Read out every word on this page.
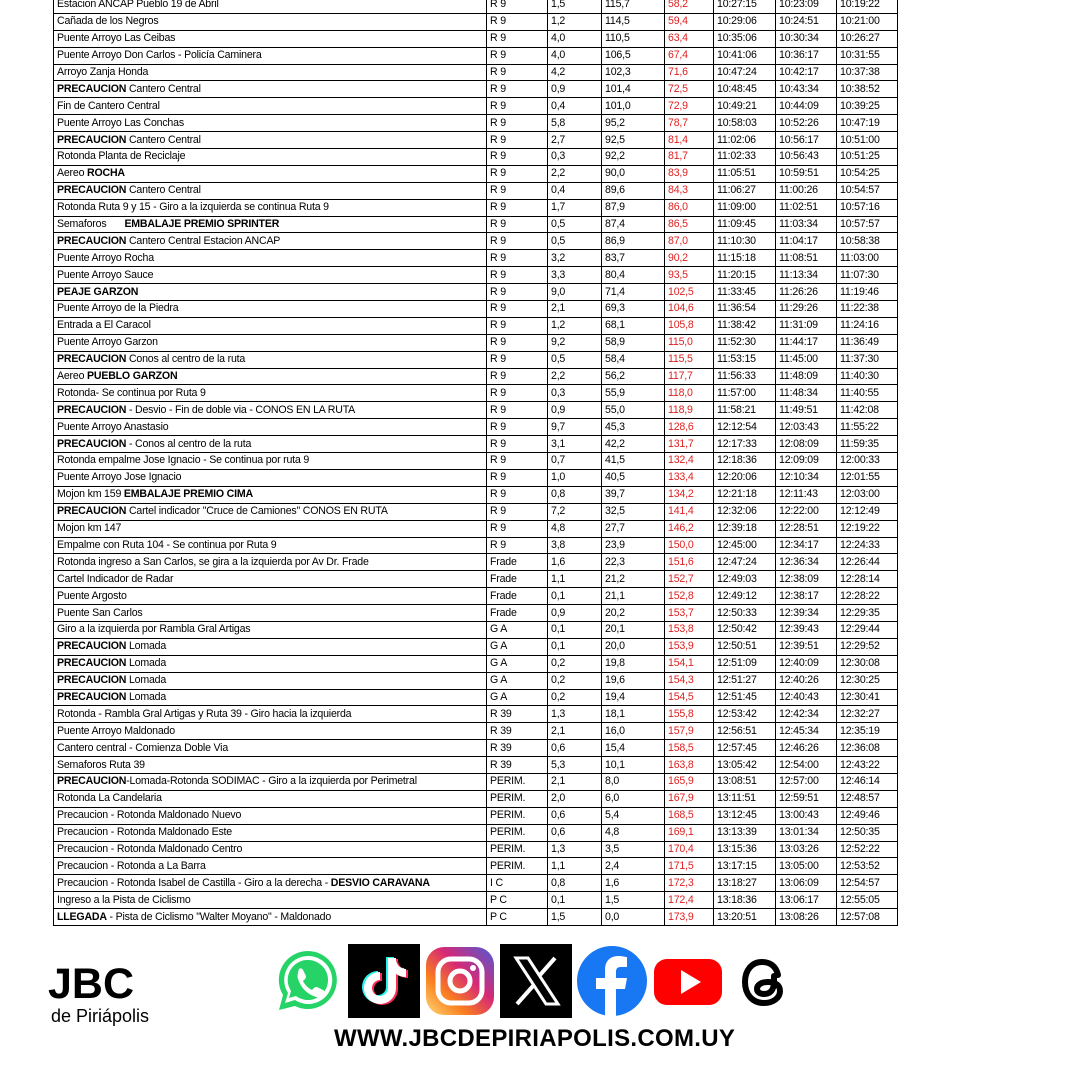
Estacion ANCAP Pueblo 19 de Abril	R 9	1,5	115,7	58,2	10:27:15	10:23:09	10:19:22
Cañada de los Negros	R 9	1,2	114,5	59,4	10:29:06	10:24:51	10:21:00
Puente Arroyo Las Ceibas	R 9	4,0	110,5	63,4	10:35:06	10:30:34	10:26:27
Puente Arroyo Don Carlos - Policía Caminera	R 9	4,0	106,5	67,4	10:41:06	10:36:17	10:31:55
Arroyo Zanja Honda	R 9	4,2	102,3	71,6	10:47:24	10:42:17	10:37:38
PRECAUCION Cantero Central	R 9	0,9	101,4	72,5	10:48:45	10:43:34	10:38:52
Fin de Cantero Central	R 9	0,4	101,0	72,9	10:49:21	10:44:09	10:39:25
Puente Arroyo Las Conchas	R 9	5,8	95,2	78,7	10:58:03	10:52:26	10:47:19
PRECAUCION Cantero Central	R 9	2,7	92,5	81,4	11:02:06	10:56:17	10:51:00
Rotonda Planta de Reciclaje	R 9	0,3	92,2	81,7	11:02:33	10:56:43	10:51:25
Aereo ROCHA	R 9	2,2	90,0	83,9	11:05:51	10:59:51	10:54:25
PRECAUCION Cantero Central	R 9	0,4	89,6	84,3	11:06:27	11:00:26	10:54:57
Rotonda Ruta 9 y 15 - Giro a la izquierda se continua Ruta 9	R 9	1,7	87,9	86,0	11:09:00	11:02:51	10:57:16
Semaforos EMBALAJE PREMIO SPRINTER	R 9	0,5	87,4	86,5	11:09:45	11:03:34	10:57:57
PRECAUCION Cantero Central Estacion ANCAP	R 9	0,5	86,9	87,0	11:10:30	11:04:17	10:58:38
Puente Arroyo Rocha	R 9	3,2	83,7	90,2	11:15:18	11:08:51	11:03:00
Puente Arroyo Sauce	R 9	3,3	80,4	93,5	11:20:15	11:13:34	11:07:30
PEAJE GARZON	R 9	9,0	71,4	102,5	11:33:45	11:26:26	11:19:46
Puente Arroyo de la Piedra	R 9	2,1	69,3	104,6	11:36:54	11:29:26	11:22:38
Entrada a El Caracol	R 9	1,2	68,1	105,8	11:38:42	11:31:09	11:24:16
Puente Arroyo Garzon	R 9	9,2	58,9	115,0	11:52:30	11:44:17	11:36:49
PRECAUCION Conos al centro de la ruta	R 9	0,5	58,4	115,5	11:53:15	11:45:00	11:37:30
Aereo PUEBLO GARZON	R 9	2,2	56,2	117,7	11:56:33	11:48:09	11:40:30
Rotonda- Se continua por Ruta 9	R 9	0,3	55,9	118,0	11:57:00	11:48:34	11:40:55
PRECAUCION - Desvio - Fin de doble via - CONOS EN LA RUTA	R 9	0,9	55,0	118,9	11:58:21	11:49:51	11:42:08
Puente Arroyo Anastasio	R 9	9,7	45,3	128,6	12:12:54	12:03:43	11:55:22
PRECAUCION - Conos al centro de la ruta	R 9	3,1	42,2	131,7	12:17:33	12:08:09	11:59:35
Rotonda empalme Jose Ignacio - Se continua por ruta 9	R 9	0,7	41,5	132,4	12:18:36	12:09:09	12:00:33
Puente Arroyo Jose Ignacio	R 9	1,0	40,5	133,4	12:20:06	12:10:34	12:01:55
Mojon km 159 EMBALAJE PREMIO CIMA	R 9	0,8	39,7	134,2	12:21:18	12:11:43	12:03:00
PRECAUCION Cartel indicador "Cruce de Camiones" CONOS EN RUTA	R 9	7,2	32,5	141,4	12:32:06	12:22:00	12:12:49
Mojon km 147	R 9	4,8	27,7	146,2	12:39:18	12:28:51	12:19:22
Empalme con Ruta 104 - Se continua por Ruta 9	R 9	3,8	23,9	150,0	12:45:00	12:34:17	12:24:33
Rotonda ingreso a San Carlos, se gira a la izquierda por Av Dr. Frade	Frade	1,6	22,3	151,6	12:47:24	12:36:34	12:26:44
Cartel Indicador de Radar	Frade	1,1	21,2	152,7	12:49:03	12:38:09	12:28:14
Puente Argosto	Frade	0,1	21,1	152,8	12:49:12	12:38:17	12:28:22
Puente San Carlos	Frade	0,9	20,2	153,7	12:50:33	12:39:34	12:29:35
Giro a la izquierda por Rambla Gral Artigas	G A	0,1	20,1	153,8	12:50:42	12:39:43	12:29:44
PRECAUCION Lomada	G A	0,1	20,0	153,9	12:50:51	12:39:51	12:29:52
PRECAUCION Lomada	G A	0,2	19,8	154,1	12:51:09	12:40:09	12:30:08
PRECAUCION Lomada	G A	0,2	19,6	154,3	12:51:27	12:40:26	12:30:25
PRECAUCION Lomada	G A	0,2	19,4	154,5	12:51:45	12:40:43	12:30:41
Rotonda - Rambla Gral Artigas y Ruta 39 - Giro hacia la izquierda	R 39	1,3	18,1	155,8	12:53:42	12:42:34	12:32:27
Puente Arroyo Maldonado	R 39	2,1	16,0	157,9	12:56:51	12:45:34	12:35:19
Cantero central - Comienza Doble Via	R 39	0,6	15,4	158,5	12:57:45	12:46:26	12:36:08
Semaforos Ruta 39	R 39	5,3	10,1	163,8	13:05:42	12:54:00	12:43:22
PRECAUCION-Lomada-Rotonda SODIMAC - Giro a la izquierda por Perimetral	PERIM.	2,1	8,0	165,9	13:08:51	12:57:00	12:46:14
Rotonda La Candelaria	PERIM.	2,0	6,0	167,9	13:11:51	12:59:51	12:48:57
Precaucion - Rotonda Maldonado Nuevo	PERIM.	0,6	5,4	168,5	13:12:45	13:00:43	12:49:46
Precaucion - Rotonda Maldonado Este	PERIM.	0,6	4,8	169,1	13:13:39	13:01:34	12:50:35
Precaucion - Rotonda Maldonado Centro	PERIM.	1,3	3,5	170,4	13:15:36	13:03:26	12:52:22
Precaucion - Rotonda a La Barra	PERIM.	1,1	2,4	171,5	13:17:15	13:05:00	12:53:52
Precaucion - Rotonda Isabel de Castilla - Giro a la derecha - DESVIO CARAVANA	I C	0,8	1,6	172,3	13:18:27	13:06:09	12:54:57
Ingreso a la Pista de Ciclismo	P C	0,1	1,5	172,4	13:18:36	13:06:17	12:55:05
LLEGADA - Pista de Ciclismo "Walter Moyano" - Maldonado	P C	1,5	0,0	173,9	13:20:51	13:08:26	12:57:08
JBC
de Piriápolis
WWW.JBCDEPIRIAPOLIS.COM.UY
